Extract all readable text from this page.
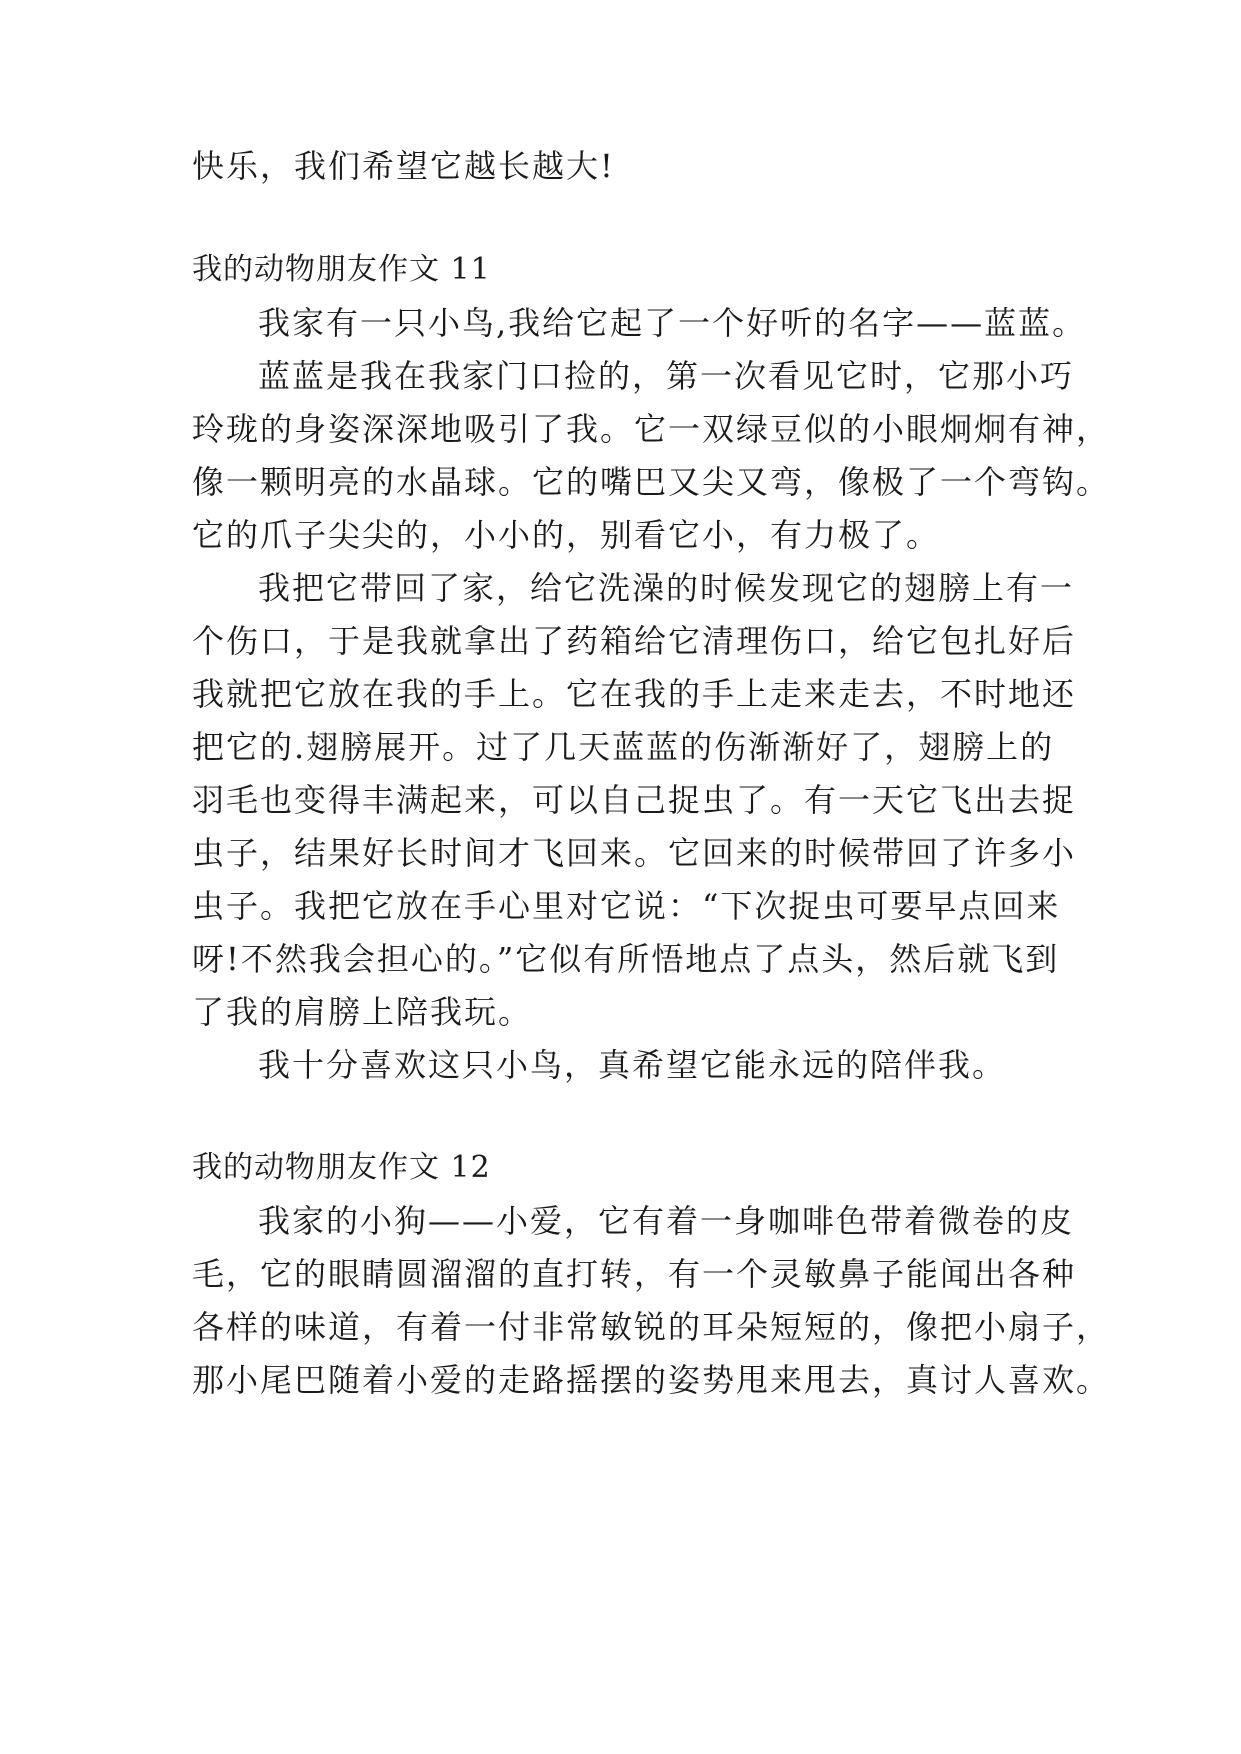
快乐，我们希望它越长越大!
我的动物朋友作文 11
我家有一只小鸟,我给它起了一个好听的名字——蓝蓝。
蓝蓝是我在我家门口捡的，第一次看见它时，它那小巧
玲珑的身姿深深地吸引了我。它一双绿豆似的小眼炯炯有神，
像一颗明亮的水晶球。它的嘴巴又尖又弯，像极了一个弯钩。
它的爪子尖尖的，小小的，别看它小，有力极了。
我把它带回了家，给它洗澡的时候发现它的翅膀上有一
个伤口，于是我就拿出了药箱给它清理伤口，给它包扎好后
我就把它放在我的手上。它在我的手上走来走去，不时地还
把它的.翅膀展开。过了几天蓝蓝的伤渐渐好了，翅膀上的
羽毛也变得丰满起来，可以自己捉虫了。有一天它飞出去捉
虫子，结果好长时间才飞回来。它回来的时候带回了许多小
虫子。我把它放在手心里对它说：“下次捉虫可要早点回来
呀!不然我会担心的。”它似有所悟地点了点头，然后就飞到
了我的肩膀上陪我玩。
我十分喜欢这只小鸟，真希望它能永远的陪伴我。
我的动物朋友作文 12
我家的小狗——小爱，它有着一身咖啡色带着微卷的皮
毛，它的眼睛圆溜溜的直打转，有一个灵敏鼻子能闻出各种
各样的味道，有着一付非常敏锐的耳朵短短的，像把小扇子，
那小尾巴随着小爱的走路摇摆的姿势甩来甩去，真讨人喜欢。
